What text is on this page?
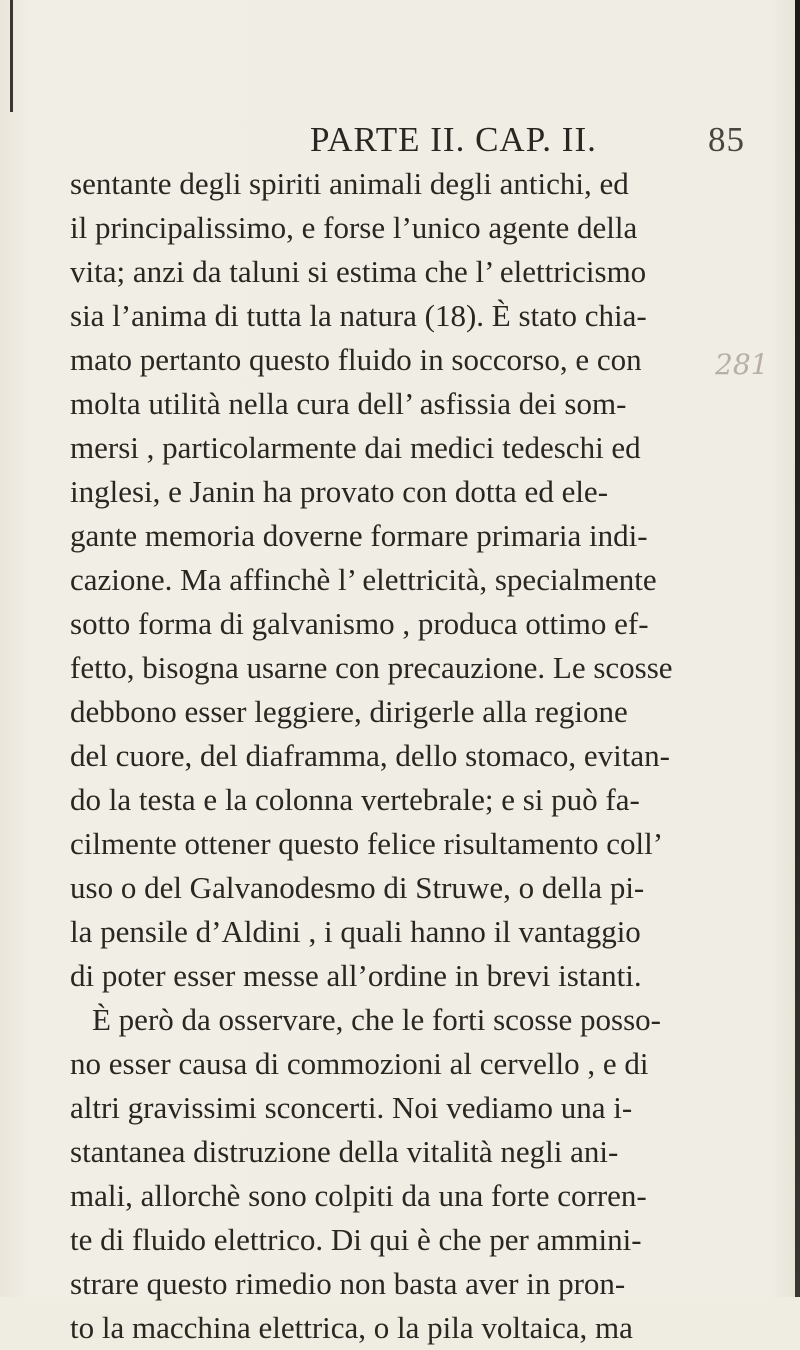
PARTE II. CAP. II.	85
sentante degli spiriti animali degli antichi, ed
il principalissimo, e forse l’unico agente della
vita; anzi da taluni si estima che l’ elettricismo
sia l’anima di tutta la natura (18). È stato chia-
mato pertanto questo fluido in soccorso, e con
molta utilità nella cura dell’ asfissia dei som-
mersi , particolarmente dai medici tedeschi ed
inglesi, e Janin ha provato con dotta ed ele-
gante memoria doverne formare primaria indi-
cazione. Ma affinchè l’ elettricità, specialmente
sotto forma di galvanismo , produca ottimo ef-
fetto, bisogna usarne con precauzione. Le scosse
debbono esser leggiere, dirigerle alla regione
del cuore, del diaframma, dello stomaco, evitan-
do la testa e la colonna vertebrale; e si può fa-
cilmente ottener questo felice risultamento coll’
uso o del Galvanodesmo di Struwe, o della pi-
la pensile d’Aldini , i quali hanno il vantaggio
di poter esser messe all’ordine in brevi istanti.
È però da osservare, che le forti scosse posso-
no esser causa di commozioni al cervello , e di
altri gravissimi sconcerti. Noi vediamo una i-
stantanea distruzione della vitalità negli ani-
mali, allorchè sono colpiti da una forte corren-
te di fluido elettrico. Di qui è che per ammini-
strare questo rimedio non basta aver in pron-
to la macchina elettrica, o la pila voltaica, ma
281
